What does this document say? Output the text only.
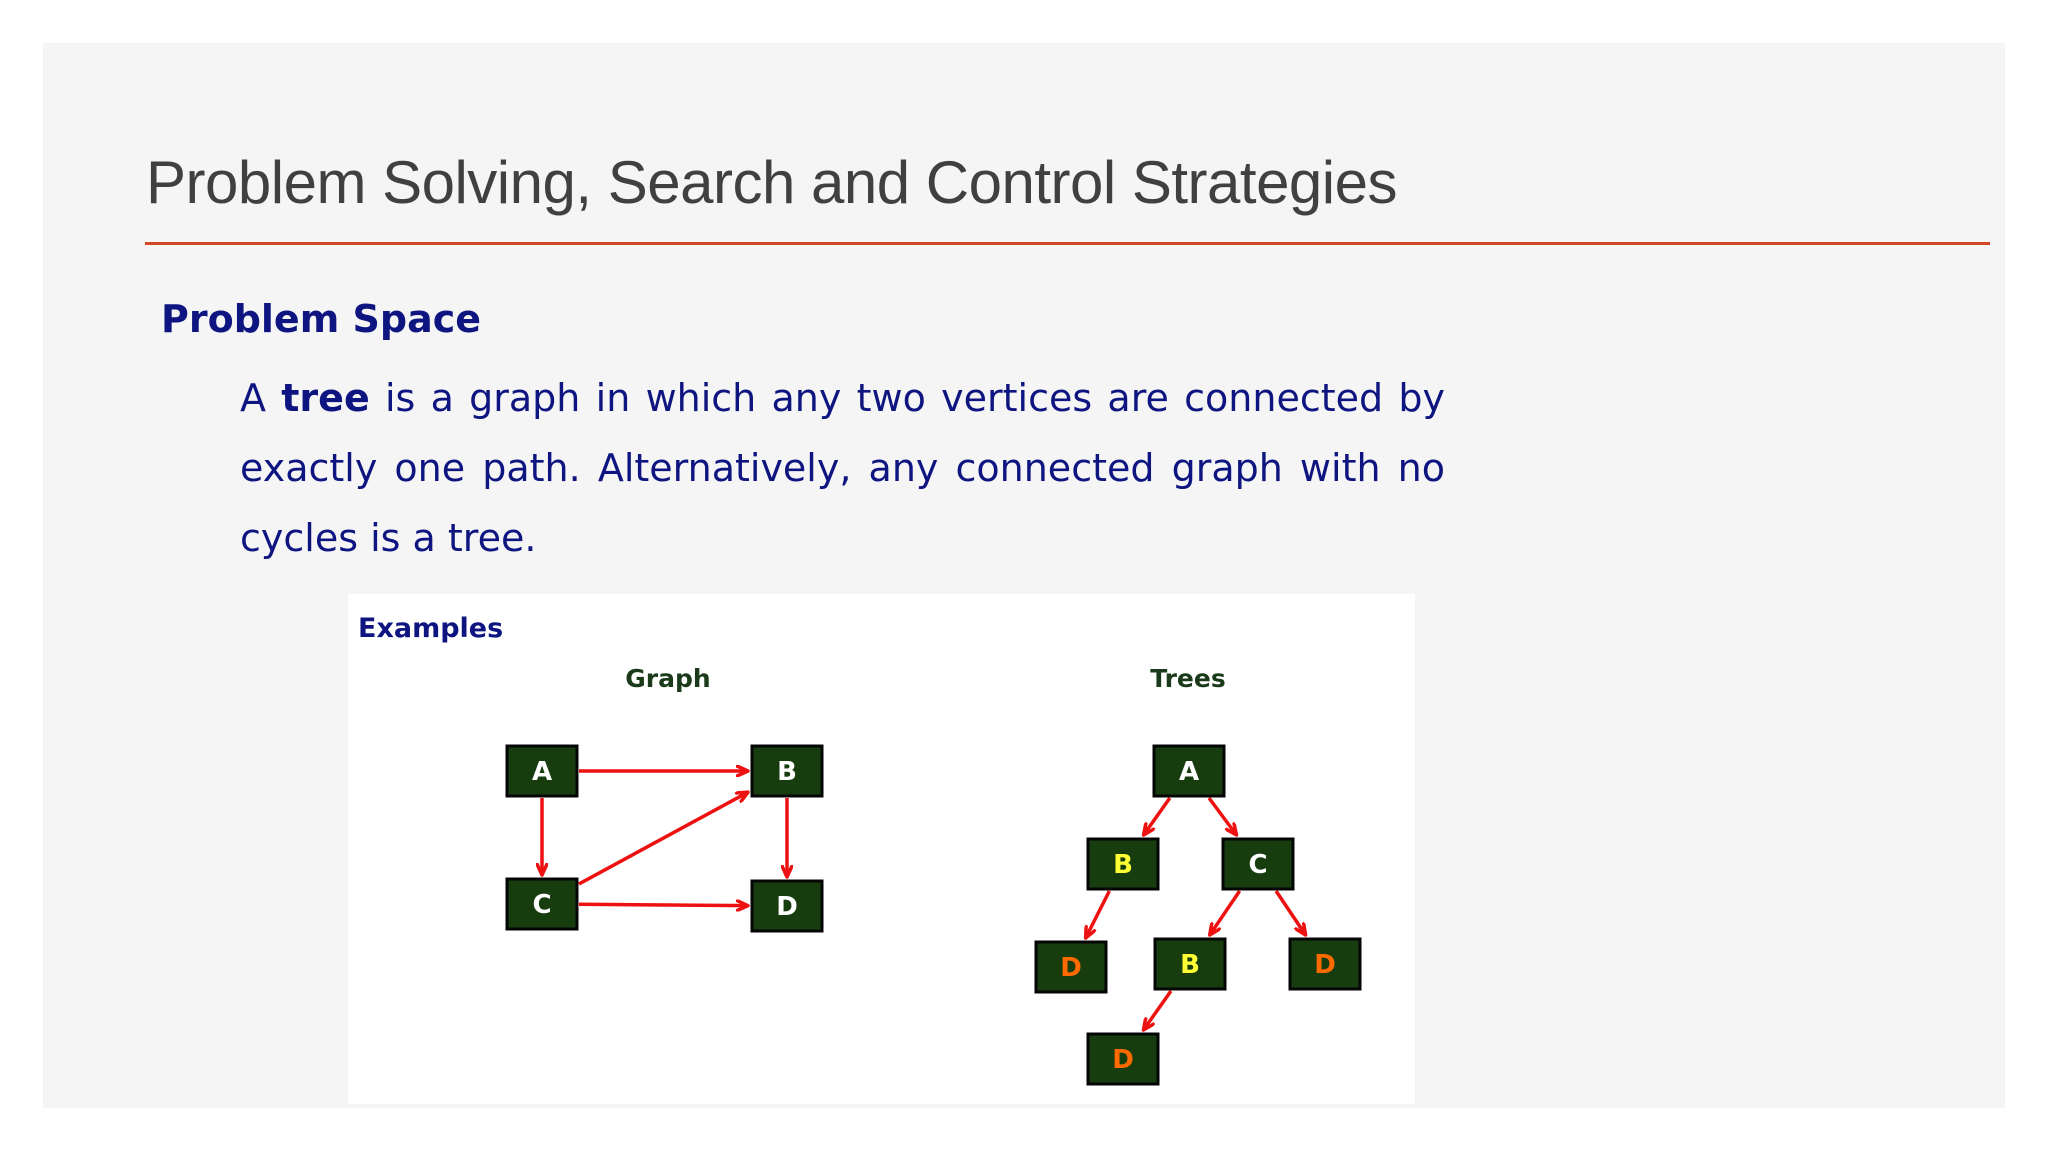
Problem Solving, Search and Control Strategies
Problem Space

A tree is a graph in which any two vertices are connected by exactly one path. Alternatively, any connected graph with no cycles is a tree.

Examples
Graph	Trees
A	B
C	D
A
B	C
D	B	D
D
